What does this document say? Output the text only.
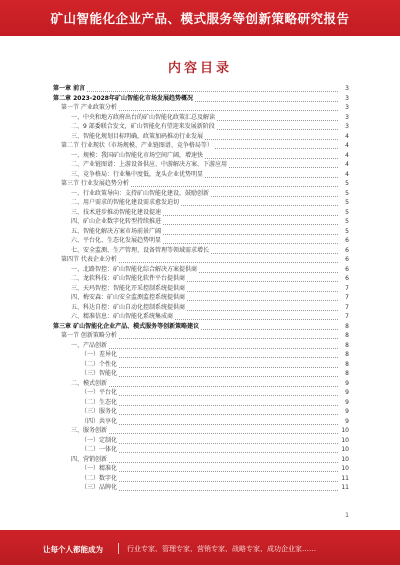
矿山智能化企业产品、模式服务等创新策略研究报告
内容目录
第一章 前言	3
第二章 2023-2028年矿山智能化市场发展趋势概况	3
第一节 产业政策分析	3
一、中央和地方政府出台的矿山智能化政策汇总及解读	3
二、9 部委联合发文，矿山智能化有望迎来发展新阶段	3
三、智能化规划目标明确，政策加码推动行业发展	4
第二节 行业现状（市场规模、产业链图谱、竞争格局等）	4
一、规模：我国矿山智能化市场空间广阔，增速快	4
二、产业链图谱：上游设备供应、中游解决方案、下游应用	4
三、竞争格局：行业集中度低，龙头企业优势明显	4
第三节 行业发展趋势分析	5
一、行业政策导向：支持矿山智能化建设，鼓励创新	5
二、用户需求的智能化建设需求愈发迫切	5
三、技术进步推动智能化建设提速	5
四、矿山企业数字化转型持续推进	5
五、智能化解决方案市场前景广阔	5
六、平台化、生态化发展趋势明显	6
七、安全监测、生产管理、设备管理等领域需求增长	6
第四节 代表企业分析	6
一、北路智控：矿山智能化综合解决方案提供商	6
二、龙软科技：矿山智能化软件平台提供商	6
三、天玛智控：智能化开采控制系统提供商	7
四、梅安森：矿山安全监测监控系统提供商	7
五、科达自控：矿山自动化控制系统提供商	7
六、精准信息：矿山智能化系统集成商	7
第三章 矿山智能化企业产品、模式服务等创新策略建议	8
第一节 创新策略分析	8
一、产品创新	8
（一）差异化	8
（二）个性化	8
（三）智能化	8
二、模式创新	9
（一）平台化	9
（二）生态化	9
（三）服务化	9
（四）共享化	9
三、服务创新	10
（一）定制化	10
（二）一体化	10
四、营销创新	10
（一）精准化	10
（二）数字化	11
（三）品牌化	11
1
让每个人都能成为	行业专家、管理专家、营销专家、战略专家、成功企业家……
